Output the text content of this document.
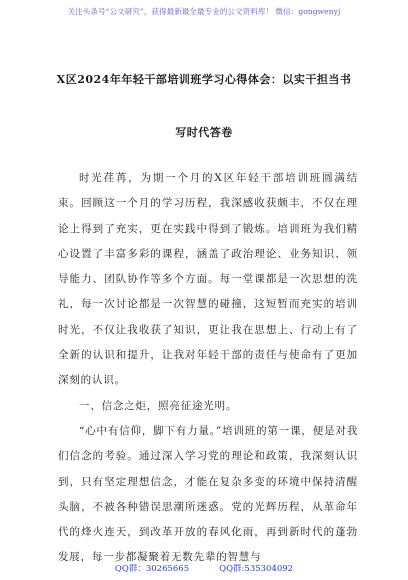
关注头条号“公文研究”，获得最新最全最专业的公文资料库！ 微信：gongwenyj
X区2024年年轻干部培训班学习心得体会：以实干担当书
写时代答卷

时光荏苒，为期一个月的X区年轻干部培训班圆满结束。回顾这一个月的学习历程，我深感收获颇丰，不仅在理论上得到了充实，更在实践中得到了锻炼。培训班为我们精心设置了丰富多彩的课程，涵盖了政治理论、业务知识、领导能力、团队协作等多个方面。每一堂课都是一次思想的洗礼，每一次讨论都是一次智慧的碰撞，这短暂而充实的培训时光，不仅让我收获了知识，更让我在思想上、行动上有了全新的认识和提升，让我对年轻干部的责任与使命有了更加深刻的认识。

一、信念之炬，照亮征途光明。

“心中有信仰，脚下有力量。”培训班的第一课，便是对我们信念的考验。通过深入学习党的理论和政策，我深刻认识到，只有坚定理想信念，才能在复杂多变的环境中保持清醒头脑，不被各种错误思潮所迷惑。党的光辉历程，从革命年代的烽火连天，到改革开放的春风化雨，再到新时代的蓬勃发展，每一步都凝聚着无数先辈的智慧与

QQ群：30265665	QQ群:535304092
